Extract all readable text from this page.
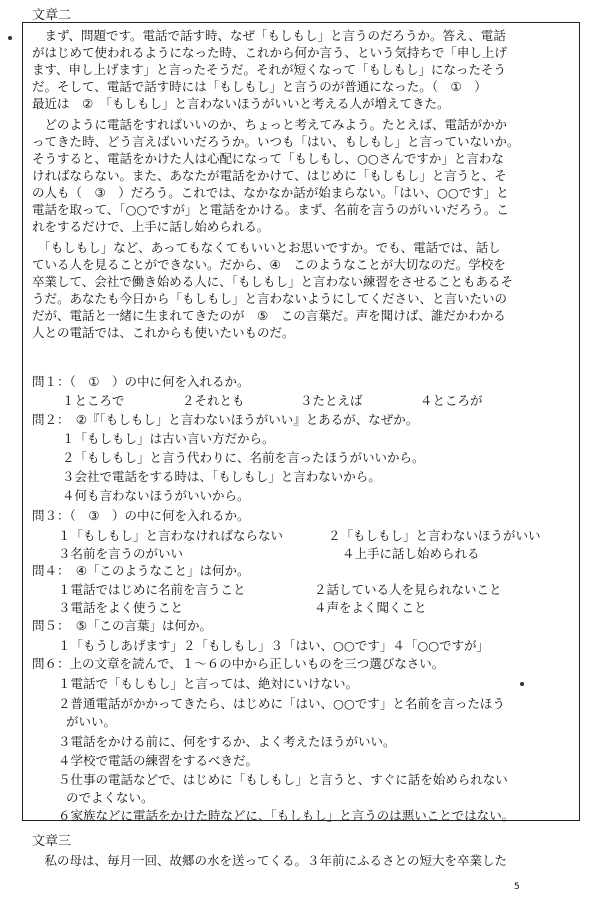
文章二
　まず、問題です。電話で話す時、なぜ「もしもし」と言うのだろうか。答え、電話
がはじめて使われるようになった時、これから何か言う、という気持ちで「申し上げ
ます、申し上げます」と言ったそうだ。それが短くなって「もしもし」になったそう
だ。そして、電話で話す時には「もしもし」と言うのが普通になった。（　①　）
最近は　②　「もしもし」と言わないほうがいいと考える人が増えてきた。
　どのように電話をすればいいのか、ちょっと考えてみよう。たとえば、電話がかか
ってきた時、どう言えばいいだろうか。いつも「はい、もしもし」と言っていないか。
そうすると、電話をかけた人は心配になって「もしもし、○○さんですか」と言わな
ければならない。また、あなたが電話をかけて、はじめに「もしもし」と言うと、そ
の人も（　③　）だろう。これでは、なかなか話が始まらない。「はい、○○です」と
電話を取って、「○○ですが」と電話をかける。まず、名前を言うのがいいだろう。こ
れをするだけで、上手に話し始められる。
　「もしもし」など、あってもなくてもいいとお思いですか。でも、電話では、話し
ている人を見ることができない。だから、④　このようなことが大切なのだ。学校を
卒業して、会社で働き始める人に、「もしもし」と言わない練習をさせることもあるそ
うだ。あなたも今日から「もしもし」と言わないようにしてください、と言いたいの
だが、電話と一緒に生まれてきたのが　⑤　この言葉だ。声を聞けば、誰だかわかる
人との電話では、これからも使いたいものだ。
問１：（　①　）の中に何を入れるか。
１ところで	２それとも	３たとえば	４ところが
問２：　②『「もしもし」と言わないほうがいい』とあるが、なぜか。
１「もしもし」は古い言い方だから。
２「もしもし」と言う代わりに、名前を言ったほうがいいから。
３会社で電話をする時は、「もしもし」と言わないから。
４何も言わないほうがいいから。
問３：（　③　）の中に何を入れるか。
１「もしもし」と言わなければならない	２「もしもし」と言わないほうがいい
３名前を言うのがいい	４上手に話し始められる
問４：　④「このようなこと」は何か。
１電話ではじめに名前を言うこと	２話している人を見られないこと
３電話をよく使うこと	４声をよく聞くこと
問５：　⑤「この言葉」は何か。
１「もうしあげます」２「もしもし」３「はい、○○です」４「○○ですが」
問６：上の文章を読んで、１～６の中から正しいものを三つ選びなさい。
１電話で「もしもし」と言っては、絶対にいけない。
２普通電話がかかってきたら、はじめに「はい、○○です」と名前を言ったほう
がいい。
３電話をかける前に、何をするか、よく考えたほうがいい。
４学校で電話の練習をするべきだ。
５仕事の電話などで、はじめに「もしもし」と言うと、すぐに話を始められない
のでよくない。
６家族などに電話をかけた時などに、「もしもし」と言うのは悪いことではない。
文章三
　私の母は、毎月一回、故郷の水を送ってくる。３年前にふるさとの短大を卒業した
5
